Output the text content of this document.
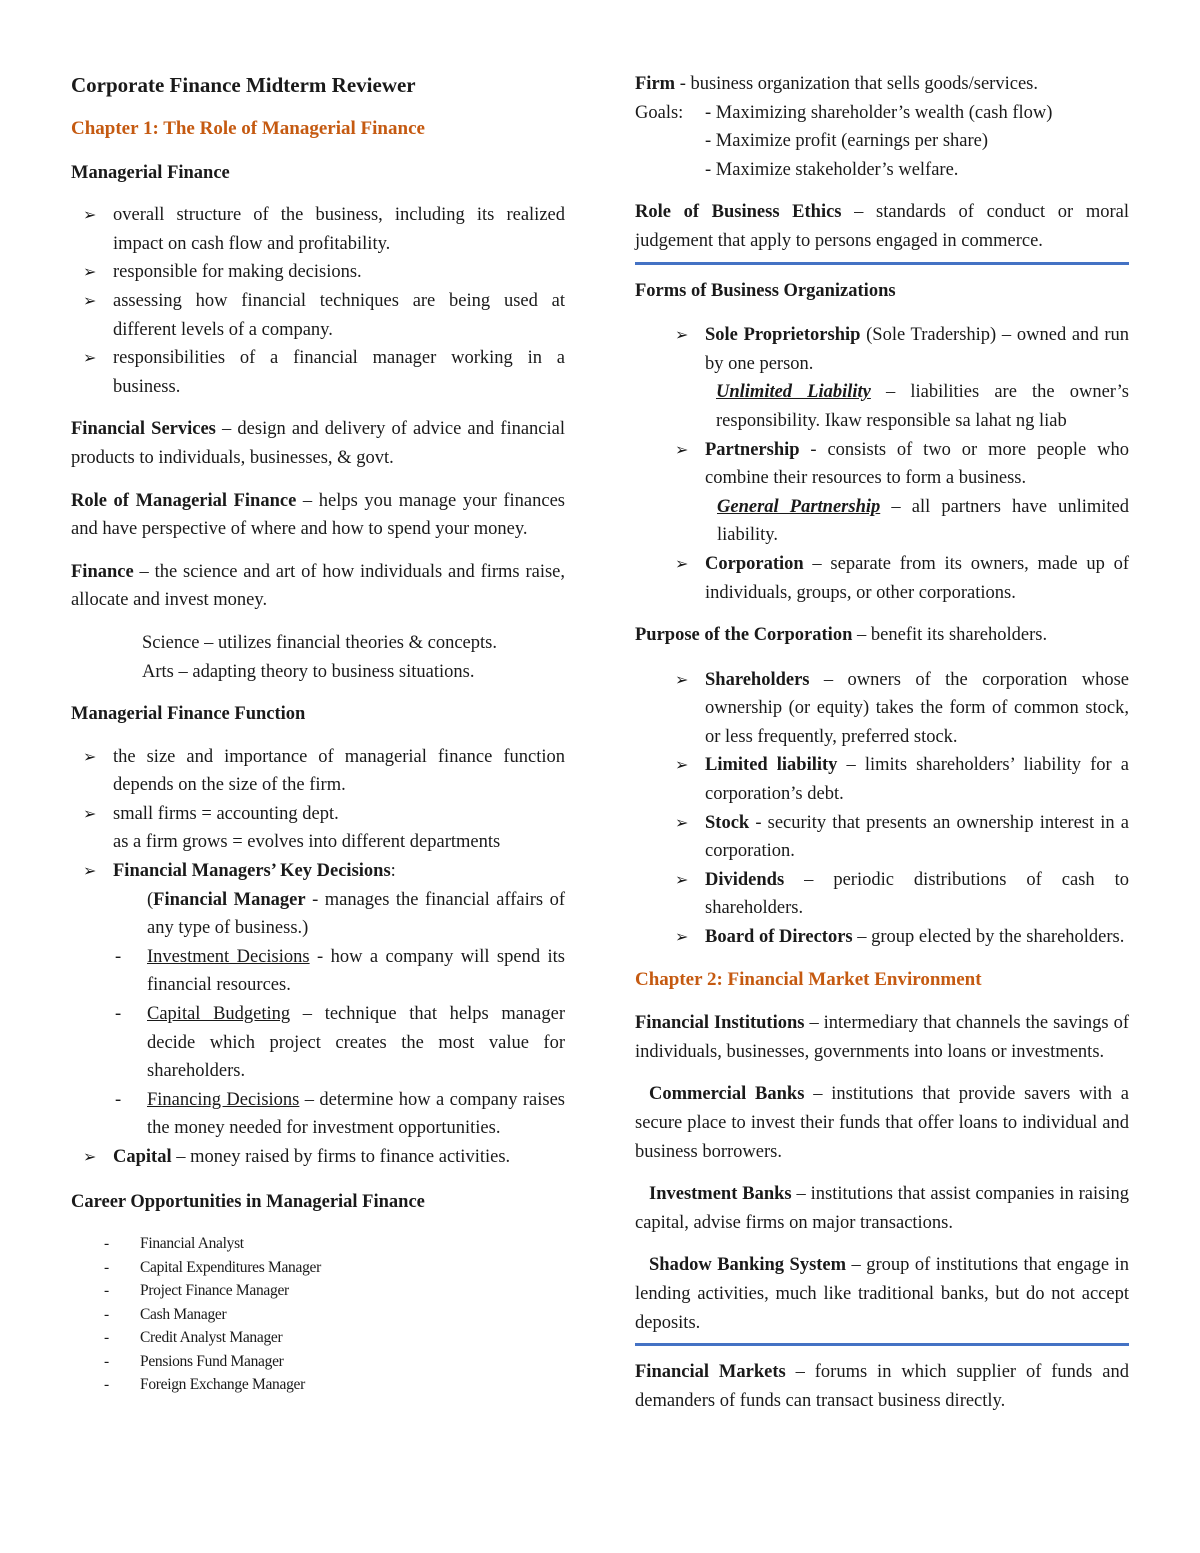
Corporate Finance Midterm Reviewer
Chapter 1: The Role of Managerial Finance
Managerial Finance
➢ overall structure of the business, including its realized impact on cash flow and profitability.
➢ responsible for making decisions.
➢ assessing how financial techniques are being used at different levels of a company.
➢ responsibilities of a financial manager working in a business.

Financial Services – design and delivery of advice and financial products to individuals, businesses, & govt.

Role of Managerial Finance – helps you manage your finances and have perspective of where and how to spend your money.

Finance – the science and art of how individuals and firms raise, allocate and invest money.

Science – utilizes financial theories & concepts.
Arts – adapting theory to business situations.
Managerial Finance Function
➢ the size and importance of managerial finance function depends on the size of the firm.
➢ small firms = accounting dept.
as a firm grows = evolves into different departments
➢ Financial Managers’ Key Decisions:
(Financial Manager - manages the financial affairs of any type of business.)
- Investment Decisions - how a company will spend its financial resources.
- Capital Budgeting – technique that helps manager decide which project creates the most value for shareholders.
- Financing Decisions – determine how a company raises the money needed for investment opportunities.
➢ Capital – money raised by firms to finance activities.
Career Opportunities in Managerial Finance
- Financial Analyst
- Capital Expenditures Manager
- Project Finance Manager
- Cash Manager
- Credit Analyst Manager
- Pensions Fund Manager
- Foreign Exchange Manager
Firm - business organization that sells goods/services.
Goals:	- Maximizing shareholder’s wealth (cash flow)
- Maximize profit (earnings per share)
- Maximize stakeholder’s welfare.

Role of Business Ethics – standards of conduct or moral judgement that apply to persons engaged in commerce.

Forms of Business Organizations
➢ Sole Proprietorship (Sole Tradership) – owned and run by one person.
Unlimited Liability – liabilities are the owner’s responsibility. Ikaw responsible sa lahat ng liab
➢ Partnership - consists of two or more people who combine their resources to form a business.
General Partnership – all partners have unlimited liability.
➢ Corporation – separate from its owners, made up of individuals, groups, or other corporations.

Purpose of the Corporation – benefit its shareholders.

➢ Shareholders – owners of the corporation whose ownership (or equity) takes the form of common stock, or less frequently, preferred stock.
➢ Limited liability – limits shareholders’ liability for a corporation’s debt.
➢ Stock - security that presents an ownership interest in a corporation.
➢ Dividends – periodic distributions of cash to shareholders.
➢ Board of Directors – group elected by the shareholders.
Chapter 2: Financial Market Environment

Financial Institutions – intermediary that channels the savings of individuals, businesses, governments into loans or investments.

Commercial Banks – institutions that provide savers with a secure place to invest their funds that offer loans to individual and business borrowers.

Investment Banks – institutions that assist companies in raising capital, advise firms on major transactions.

Shadow Banking System – group of institutions that engage in lending activities, much like traditional banks, but do not accept deposits.

Financial Markets – forums in which supplier of funds and demanders of funds can transact business directly.
